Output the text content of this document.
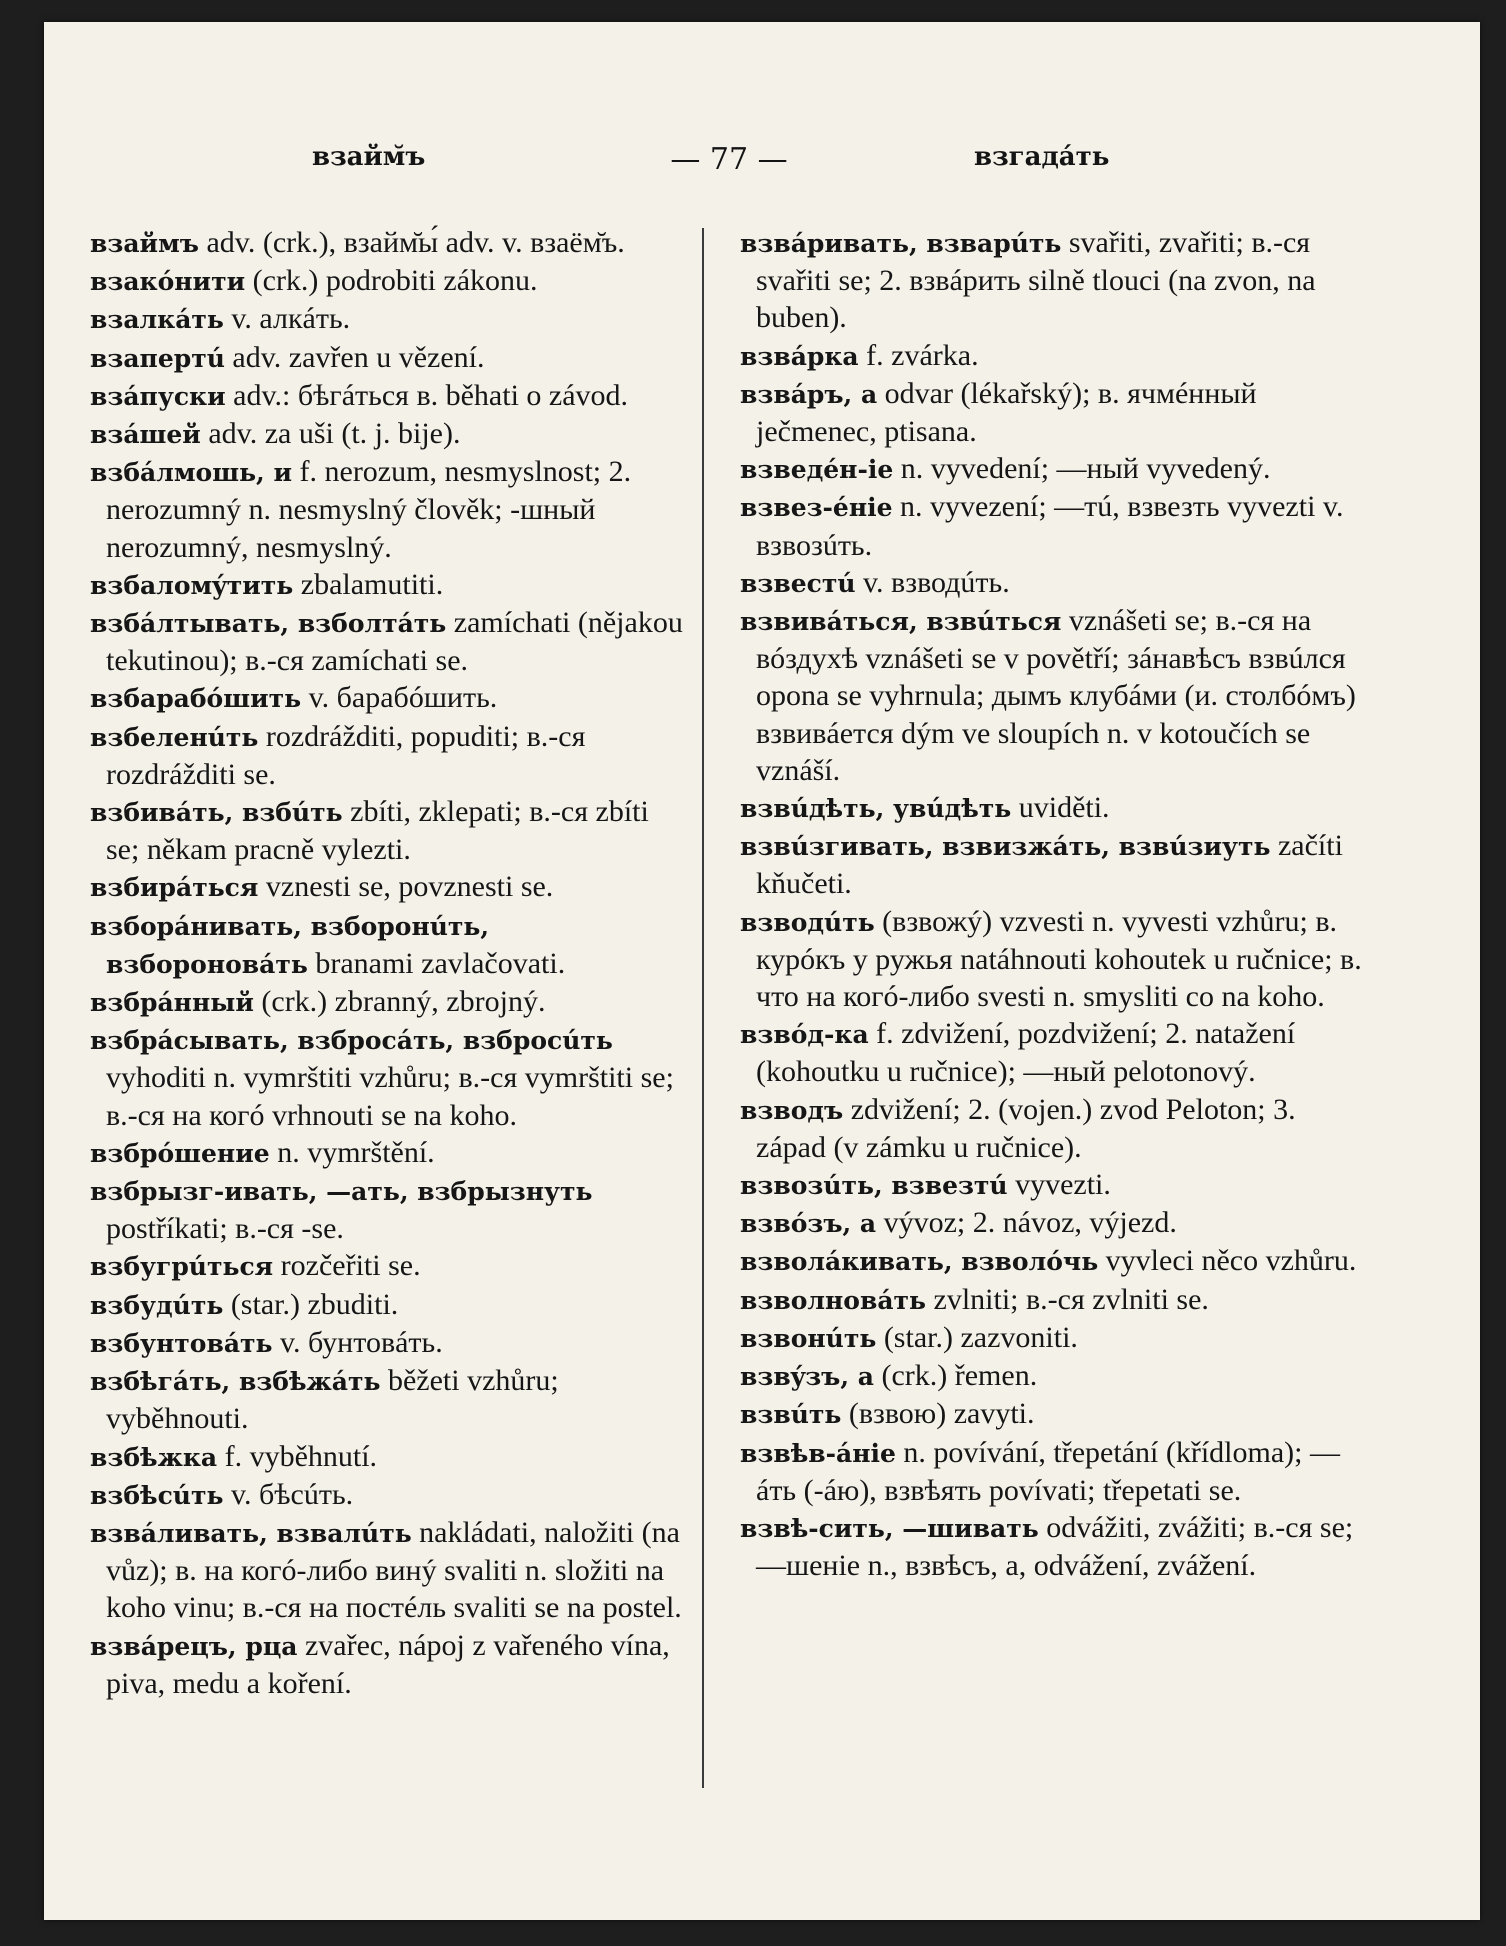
взайм̆ъ	— 77 —	взгадáть
взаймъ adv. (crk.), взайм̆ы́ adv. v. взаём̆ъ.
взакóнити (crk.) podrobiti zákonu.
взалкáть v. алкáть.
взапертú adv. zavřen u vězení.
взáпуски adv.: бѣгáться в. běhati o závod.
взáшей adv. za uši (t. j. bije).
взбáлмошь, и f. nerozum, nesmyslnost; 2. nerozumný n. nesmyslný člověk; -шный nerozumný, nesmyslný.
взбаломýтить zbalamutiti.
взбáлтывать, взболтáть zamíchati (nějakou tekutinou); в.-ся zamíchati se.
взбарабóшить v. барабóшить.
взбеленúть rozdrážditi, popuditi; в.-ся rozdrážditi se.
взбивáть, взбúть zbíti, zklepati; в.-ся zbíti se; někam pracně vylezti.
взбирáться vznesti se, povznesti se.
взборáнивать, взборонúть, взборонoвáть branami zavlačovati.
взбрáнный (crk.) zbranný, zbrojný.
взбрáсывать, взбросáть, взбросúть vyhoditi n. vymrštiti vzhůru; в.-ся vymrštiti se; в.-ся на когó vrhnouti se na koho.
взбрóшение n. vymrštění.
взбрызг-ивать, —ать, взбрызнуть postříkati; в.-ся -se.
взбугрúться rozčeřiti se.
взбудúть (star.) zbuditi.
взбунтовáть v. бунтовáть.
взбѣгáть, взбѣжáть běžeti vzhůru; vyběhnouti.
взбѣжка f. vyběhnutí.
взбѣсúть v. бѣсúть.
взвáливать, взвалúть nakládati, naložiti (na vůz); в. на когó-либо винý svaliti n. složiti na koho vinu; в.-ся на постéль svaliti se na postel.
взвáрецъ, рца zvařec, nápoj z vařeného vína, piva, medu a koření.
взвáривать, взварúть svařiti, zvařiti; в.-ся svařiti se; 2. взвáрить silně tlouci (na zvon, na buben).
взвáрка f. zvárka.
взвáръ, а odvar (lékařský); в. ячмéнный ječmenec, ptisana.
взведéн-іе n. vyvedení; —ный vyvedený.
взвез-éніе n. vyvezení; —тú, взвезть vyvezti v. взвозúть.
взвестú v. взводúть.
взвивáться, взвúться vznášeti se; в.-ся на вóздухѣ vznášeti se v povětří; зáнавѣсъ взвúлся opona se vyhrnula; дымъ клубáми (и. столбóмъ) взвивáется dým ve sloupích n. v kotoučích se vznáší.
взвúдѣть, увúдѣть uviděti.
взвúзгивать, взвизжáть, взвúзиуть začíti kňučeti.
взводúть (взвожý) vzvesti n. vyvesti vzhůru; в. курóкъ у ружья natáhnouti kohoutek u ručnice; в. что на когó-либо svesti n. smysliti co na koho.
взвóд-ка f. zdvižení, pozdvižení; 2. natažení (kohoutku u ručnice); —ный pelotonový.
взводъ zdvižení; 2. (vojen.) zvod Peloton; 3. západ (v zámku u ručnice).
взвозúть, взвезтú vyvezti.
взвóзъ, а vývoz; 2. návoz, výjezd.
взволáкивать, взволóчь vyvleci něco vzhůru.
взволновáть zvlniti; в.-ся zvlniti se.
взвонúть (star.) zazvoniti.
взвýзъ, а (crk.) řemen.
взвúть (взвою) zavyti.
взвѣв-áніе n. povívání, třepetání (křídloma); —áть (-áю), взвѣять povívati; třepetati se.
взвѣ-сить, —шивать odvážiti, zvážiti; в.-ся se; —шеніе n., взвѣсъ, а, odvážení, zvážení.
